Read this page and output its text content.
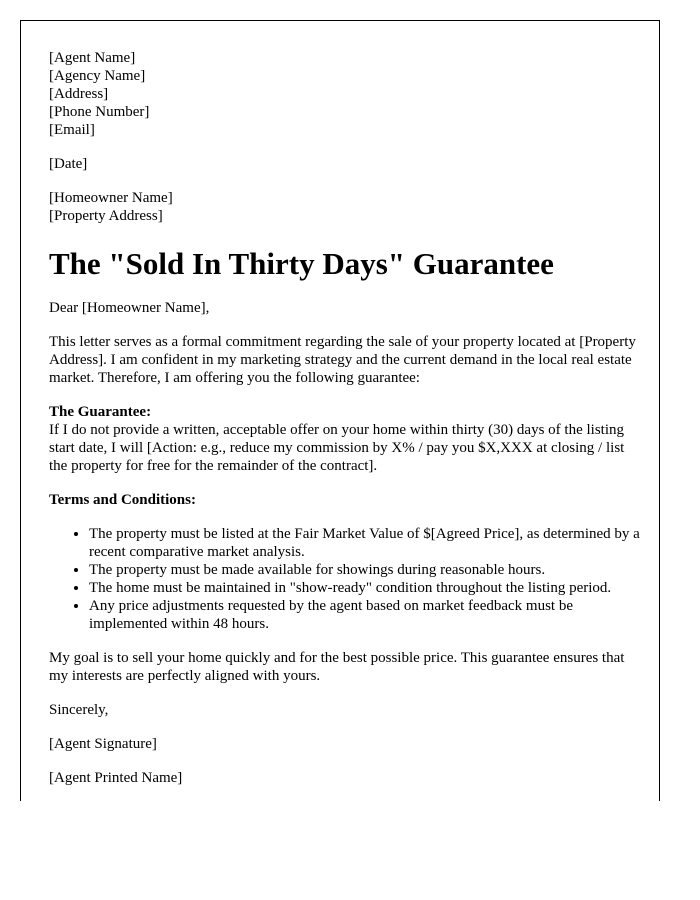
[Agent Name]
[Agency Name]
[Address]
[Phone Number]
[Email]
[Date]
[Homeowner Name]
[Property Address]
The "Sold In Thirty Days" Guarantee

Dear [Homeowner Name],

This letter serves as a formal commitment regarding the sale of your property located at [Property Address]. I am confident in my marketing strategy and the current demand in the local real estate market. Therefore, I am offering you the following guarantee:

The Guarantee:
If I do not provide a written, acceptable offer on your home within thirty (30) days of the listing start date, I will [Action: e.g., reduce my commission by X% / pay you $X,XXX at closing / list the property for free for the remainder of the contract].

Terms and Conditions:

• The property must be listed at the Fair Market Value of $[Agreed Price], as determined by a recent comparative market analysis.
• The property must be made available for showings during reasonable hours.
• The home must be maintained in "show-ready" condition throughout the listing period.
• Any price adjustments requested by the agent based on market feedback must be implemented within 48 hours.

My goal is to sell your home quickly and for the best possible price. This guarantee ensures that my interests are perfectly aligned with yours.

Sincerely,

[Agent Signature]

[Agent Printed Name]
